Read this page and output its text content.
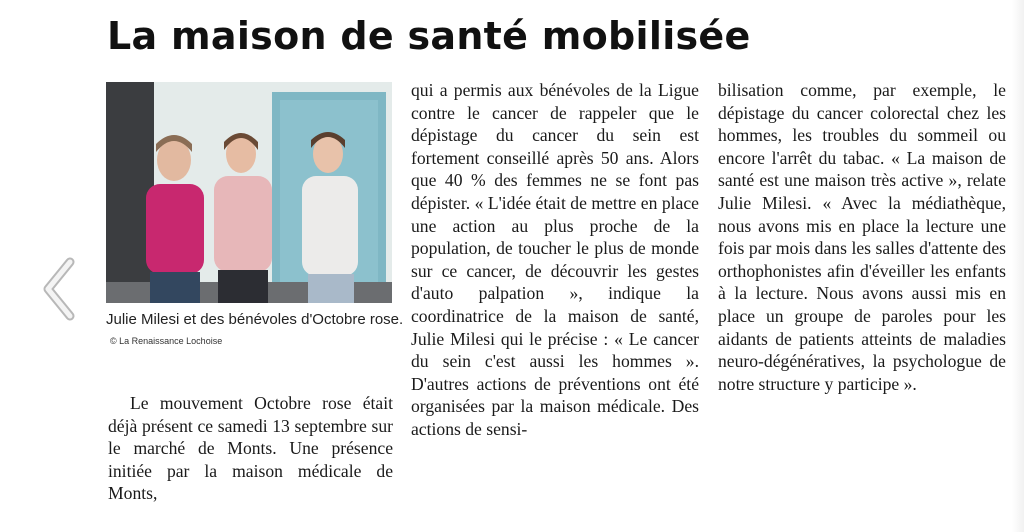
La maison de santé mobilisée
Julie Milesi et des bénévoles d'Octobre rose. © La Renaissance Lochoise

Le mouvement Octobre rose était déjà présent ce samedi 13 septembre sur le marché de Monts. Une présence initiée par la maison médicale de Monts,

qui a permis aux bénévoles de la Ligue contre le cancer de rappeler que le dépistage du cancer du sein est fortement conseillé après 50 ans. Alors que 40 % des femmes ne se font pas dépister. « L'idée était de mettre en place une action au plus proche de la population, de toucher le plus de monde sur ce cancer, de découvrir les gestes d'auto palpation », indique la coordinatrice de la maison de santé, Julie Milesi qui le précise : « Le cancer du sein c'est aussi les hommes ». D'autres actions de préventions ont été organisées par la maison médicale. Des actions de sensi-

bilisation comme, par exemple, le dépistage du cancer colorectal chez les hommes, les troubles du sommeil ou encore l'arrêt du tabac. « La maison de santé est une maison très active », relate Julie Milesi. « Avec la médiathèque, nous avons mis en place la lecture une fois par mois dans les salles d'attente des orthophonistes afin d'éveiller les enfants à la lecture. Nous avons aussi mis en place un groupe de paroles pour les aidants de patients atteints de maladies neuro-dégénératives, la psychologue de notre structure y participe ».
